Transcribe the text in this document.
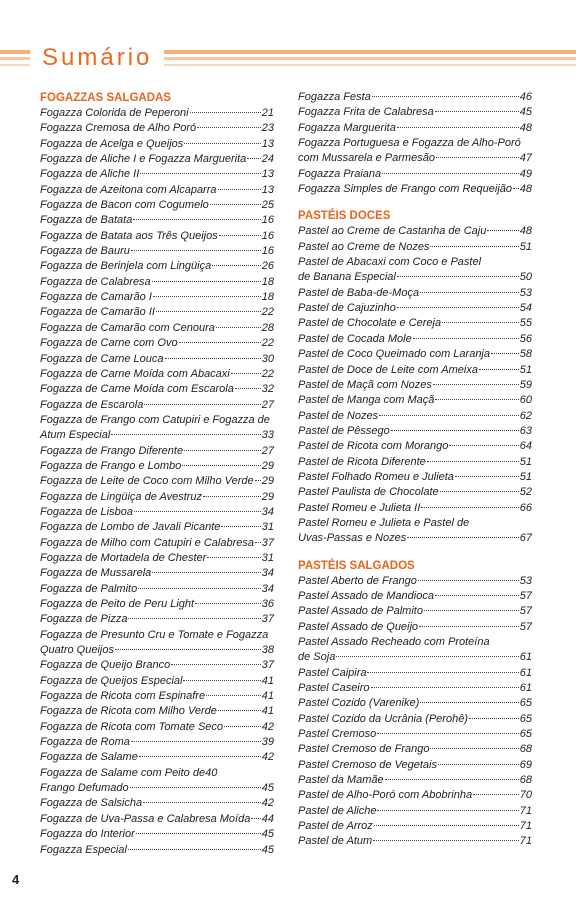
Sumário
FOGAZZAS SALGADAS
Fogazza Colorida de Peperoni	21
Fogazza Cremosa de Alho Poró	23
Fogazza de Acelga e Queijos	13
Fogazza de Aliche I e Fogazza Marguerita 24
Fogazza de Aliche II	13
Fogazza de Azeitona com Alcaparra	13
Fogazza de Bacon com Cogumelo	25
Fogazza de Batata	16
Fogazza de Batata aos Três Queijos	16
Fogazza de Bauru	16
Fogazza de Berinjela com Lingüiça	26
Fogazza de Calabresa	18
Fogazza de Camarão I	18
Fogazza de Camarão II	22
Fogazza de Camarão com Cenoura	28
Fogazza de Carne com Ovo	22
Fogazza de Carne Louca	30
Fogazza de Carne Moída com Abacaxi	22
Fogazza de Carne Moída com Escarola	32
Fogazza de Escarola	27
Fogazza de Frango com Catupiri e Fogazza de
Atum Especial	33
Fogazza de Frango Diferente	27
Fogazza de Frango e Lombo	29
Fogazza de Leite de Coco com Milho Verde 29
Fogazza de Lingüiça de Avestruz	29
Fogazza de Lisboa	34
Fogazza de Lombo de Javali Picante	31
Fogazza de Milho com Catupiri e Calabresa 37
Fogazza de Mortadela de Chester	31
Fogazza de Mussarela	34
Fogazza de Palmito	34
Fogazza de Peito de Peru Light	36
Fogazza de Pizza	37
Fogazza de Presunto Cru e Tomate e Fogazza
Quatro Queijos	38
Fogazza de Queijo Branco	37
Fogazza de Queijos Especial	41
Fogazza de Ricota com Espinafre	41
Fogazza de Ricota com Milho Verde	41
Fogazza de Ricota com Tomate Seco	42
Fogazza de Roma	39
Fogazza de Salame	42
Fogazza de Salame com Peito de40
Frango Defumado	45
Fogazza de Salsicha	42
Fogazza de Uva-Passa e Calabresa Moída 44
Fogazza do Interior	45
Fogazza Especial	45
Fogazza Festa	46
Fogazza Frita de Calabresa	45
Fogazza Marguerita	48
Fogazza Portuguesa e Fogazza de Alho-Poró
com Mussarela e Parmesão	47
Fogazza Praiana	49
Fogazza Simples de Frango com Requeijão 48
PASTÉIS DOCES
Pastel ao Creme de Castanha de Caju	48
Pastel ao Creme de Nozes	51
Pastel de Abacaxi com Coco e Pastel
de Banana Especial	50
Pastel de Baba-de-Moça	53
Pastel de Cajuzinho	54
Pastel de Chocolate e Cereja	55
Pastel de Cocada Mole	56
Pastel de Coco Queimado com Laranja	58
Pastel de Doce de Leite com Ameixa	51
Pastel de Maçã com Nozes	59
Pastel de Manga com Maçã	60
Pastel de Nozes	62
Pastel de Pêssego	63
Pastel de Ricota com Morango	64
Pastel de Ricota Diferente	51
Pastel Folhado Romeu e Julieta	51
Pastel Paulista de Chocolate	52
Pastel Romeu e Julieta II	66
Pastel Romeu e Julieta e Pastel de
Uvas-Passas e Nozes	67
PASTÉIS SALGADOS
Pastel Aberto de Frango	53
Pastel Assado de Mandioca	57
Pastel Assado de Palmito	57
Pastel Assado de Queijo	57
Pastel Assado Recheado com Proteína
de Soja	61
Pastel Caipira	61
Pastel Caseiro	61
Pastel Cozido (Varenike)	65
Pastel Cozido da Ucrânia (Perohê)	65
Pastel Cremoso	65
Pastel Cremoso de Frango	68
Pastel Cremoso de Vegetais	69
Pastel da Mamãe	68
Pastel de Alho-Poró com Abobrinha	70
Pastel de Aliche	71
Pastel de Arroz	71
Pastel de Atum	71
4
